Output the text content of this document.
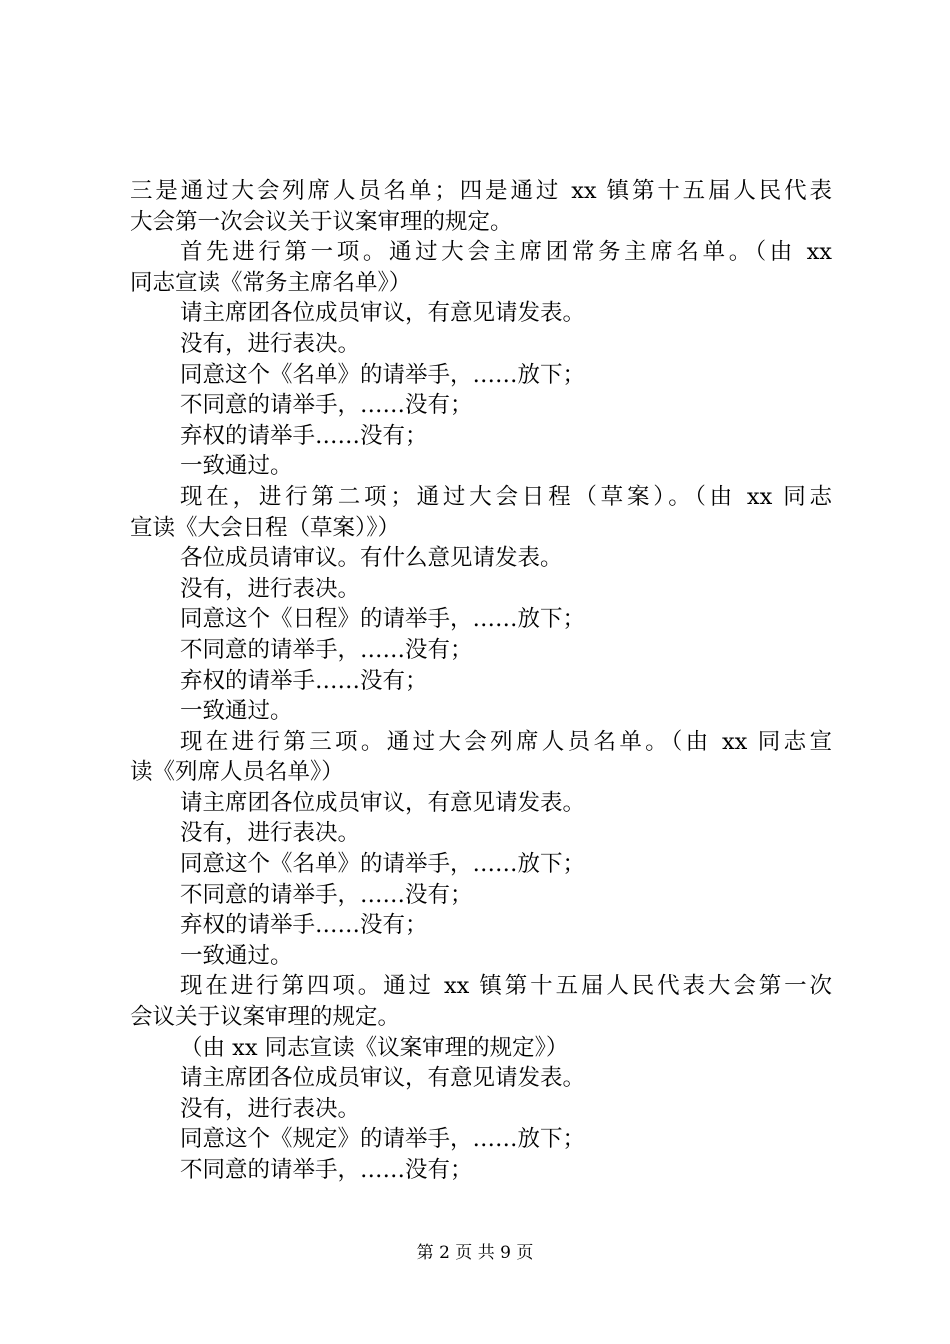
三是通过大会列席人员名单；四是通过 xx 镇第十五届人民代表
大会第一次会议关于议案审理的规定。
首先进行第一项。通过大会主席团常务主席名单。（由 xx
同志宣读《常务主席名单》）
请主席团各位成员审议，有意见请发表。
没有，进行表决。
同意这个《名单》的请举手，……放下；
不同意的请举手，……没有；
弃权的请举手……没有；
一致通过。
现在，进行第二项；通过大会日程（草案）。（由 xx 同志
宣读《大会日程（草案）》）
各位成员请审议。有什么意见请发表。
没有，进行表决。
同意这个《日程》的请举手，……放下；
不同意的请举手，……没有；
弃权的请举手……没有；
一致通过。
现在进行第三项。通过大会列席人员名单。（由 xx 同志宣
读《列席人员名单》）
请主席团各位成员审议，有意见请发表。
没有，进行表决。
同意这个《名单》的请举手，……放下；
不同意的请举手，……没有；
弃权的请举手……没有；
一致通过。
现在进行第四项。通过 xx 镇第十五届人民代表大会第一次
会议关于议案审理的规定。
（由 xx 同志宣读《议案审理的规定》）
请主席团各位成员审议，有意见请发表。
没有，进行表决。
同意这个《规定》的请举手，……放下；
不同意的请举手，……没有；
第 2 页 共 9 页
